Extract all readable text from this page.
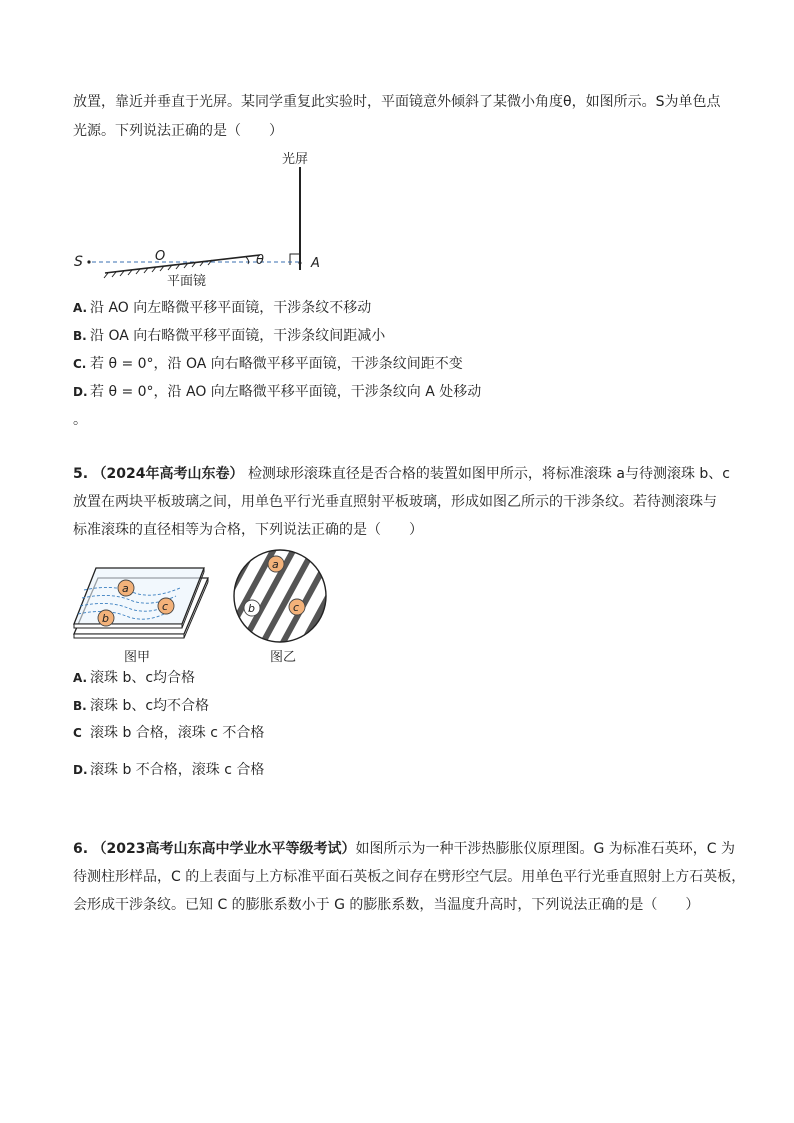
放置，靠近并垂直于光屏。某同学重复此实验时，平面镜意外倾斜了某微小角度θ，如图所示。S为单色点
光源。下列说法正确的是（　　）
光屏
S	O	A
θ
平面镜
A. 沿 AO 向左略微平移平面镜，干涉条纹不移动
B. 沿 OA 向右略微平移平面镜，干涉条纹间距减小
C. 若 θ = 0°，沿 OA 向右略微平移平面镜，干涉条纹间距不变
D. 若 θ = 0°，沿 AO 向左略微平移平面镜，干涉条纹向 A 处移动
。
5. （2024年高考山东卷） 检测球形滚珠直径是否合格的装置如图甲所示，将标准滚珠 a与待测滚珠 b、c
放置在两块平板玻璃之间，用单色平行光垂直照射平板玻璃，形成如图乙所示的干涉条纹。若待测滚珠与
标准滚珠的直径相等为合格，下列说法正确的是（　　）
a
c
b
图甲
a
b	c
图乙
A. 滚珠 b、c均合格
B. 滚珠 b、c均不合格
C 滚珠 b 合格，滚珠 c 不合格
D. 滚珠 b 不合格，滚珠 c 合格
6. （2023高考山东高中学业水平等级考试）如图所示为一种干涉热膨胀仪原理图。G 为标准石英环，C 为
待测柱形样品，C 的上表面与上方标准平面石英板之间存在劈形空气层。用单色平行光垂直照射上方石英板，
会形成干涉条纹。已知 C 的膨胀系数小于 G 的膨胀系数，当温度升高时，下列说法正确的是（　　）
